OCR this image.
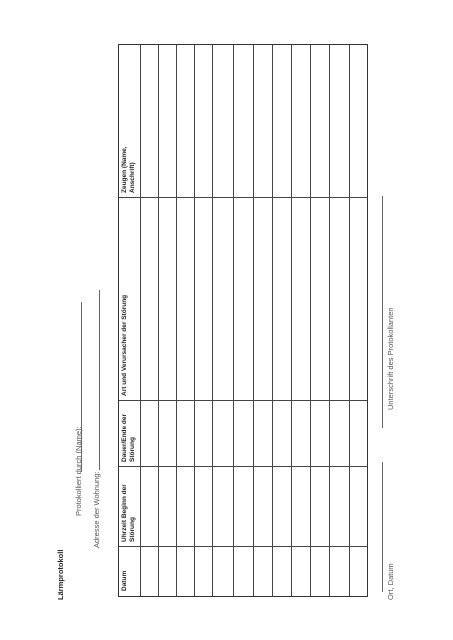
Lärmprotokoll
Protokolliert durch (Name): Adresse der Wohnung:
Datum
Uhrzeit Beginn der Störung
Dauer/Ende der Störung
Art und Verursacher der Störung
Zeugen (Name, Anschrift)
Ort, Datum
Unterschrift des Protokollanten
